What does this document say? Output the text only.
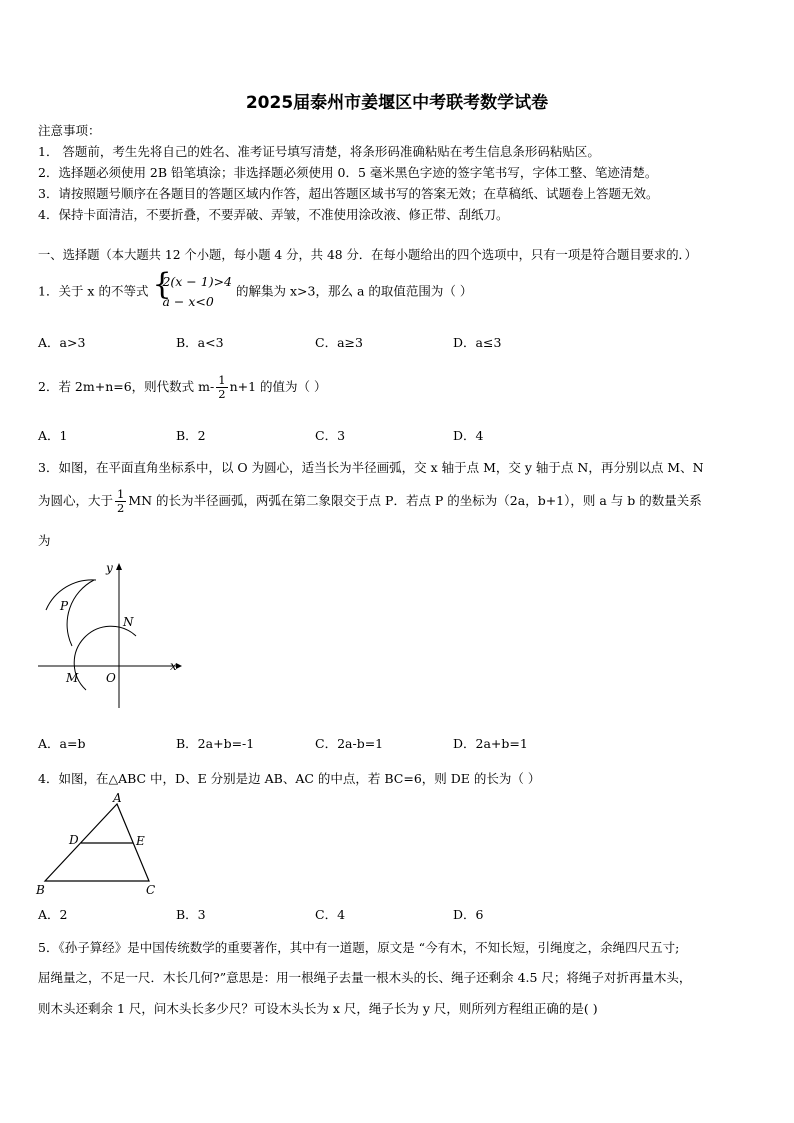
2025届泰州市姜堰区中考联考数学试卷
注意事项：
1． 答题前，考生先将自己的姓名、准考证号填写清楚，将条形码准确粘贴在考生信息条形码粘贴区。
2．选择题必须使用 2B 铅笔填涂；非选择题必须使用 0．5 毫米黑色字迹的签字笔书写，字体工整、笔迹清楚。
3．请按照题号顺序在各题目的答题区域内作答，超出答题区域书写的答案无效；在草稿纸、试题卷上答题无效。
4．保持卡面清洁，不要折叠，不要弄破、弄皱，不准使用涂改液、修正带、刮纸刀。
一、选择题（本大题共 12 个小题，每小题 4 分，共 48 分．在每小题给出的四个选项中，只有一项是符合题目要求的．）
1．关于 x 的不等式 {
2(x − 1)>4
a − x<0
的解集为 x>3，那么 a 的取值范围为（ ）
A．a>3	B．a<3	C．a≥3	D．a≤3
2．若 2m+n=6，则代数式 $m- \frac{1}{2} n+1$ 的值为（ ）
A．1	B．2	C．3	D．4
3．如图，在平面直角坐标系中，以 O 为圆心，适当长为半径画弧，交 x 轴于点 M，交 y 轴于点 N，再分别以点 M、N
为圆心，大于 $\frac{1}{2}$ MN 的长为半径画弧，两弧在第二象限交于点 P．若点 P 的坐标为（2a，b+1），则 a 与 b 的数量关系
为
y
x
P
N
M O
A．a=b	B．2a+b=-1	C．2a-b=1	D．2a+b=1
4．如图，在△ABC 中，D、E 分别是边 AB、AC 的中点，若 BC=6，则 DE 的长为（ ）
A
B	C
D	E
A．2	B．3	C．4	D．6
5．《孙子算经》是中国传统数学的重要著作，其中有一道题，原文是 “今有木，不知长短，引绳度之，余绳四尺五寸;
屈绳量之，不足一尺．木长几何?”意思是：用一根绳子去量一根木头的长、绳子还剩余 4.5 尺；将绳子对折再量木头，
则木头还剩余 1 尺，问木头长多少尺？可设木头长为 x 尺，绳子长为 y 尺，则所列方程组正确的是( )
